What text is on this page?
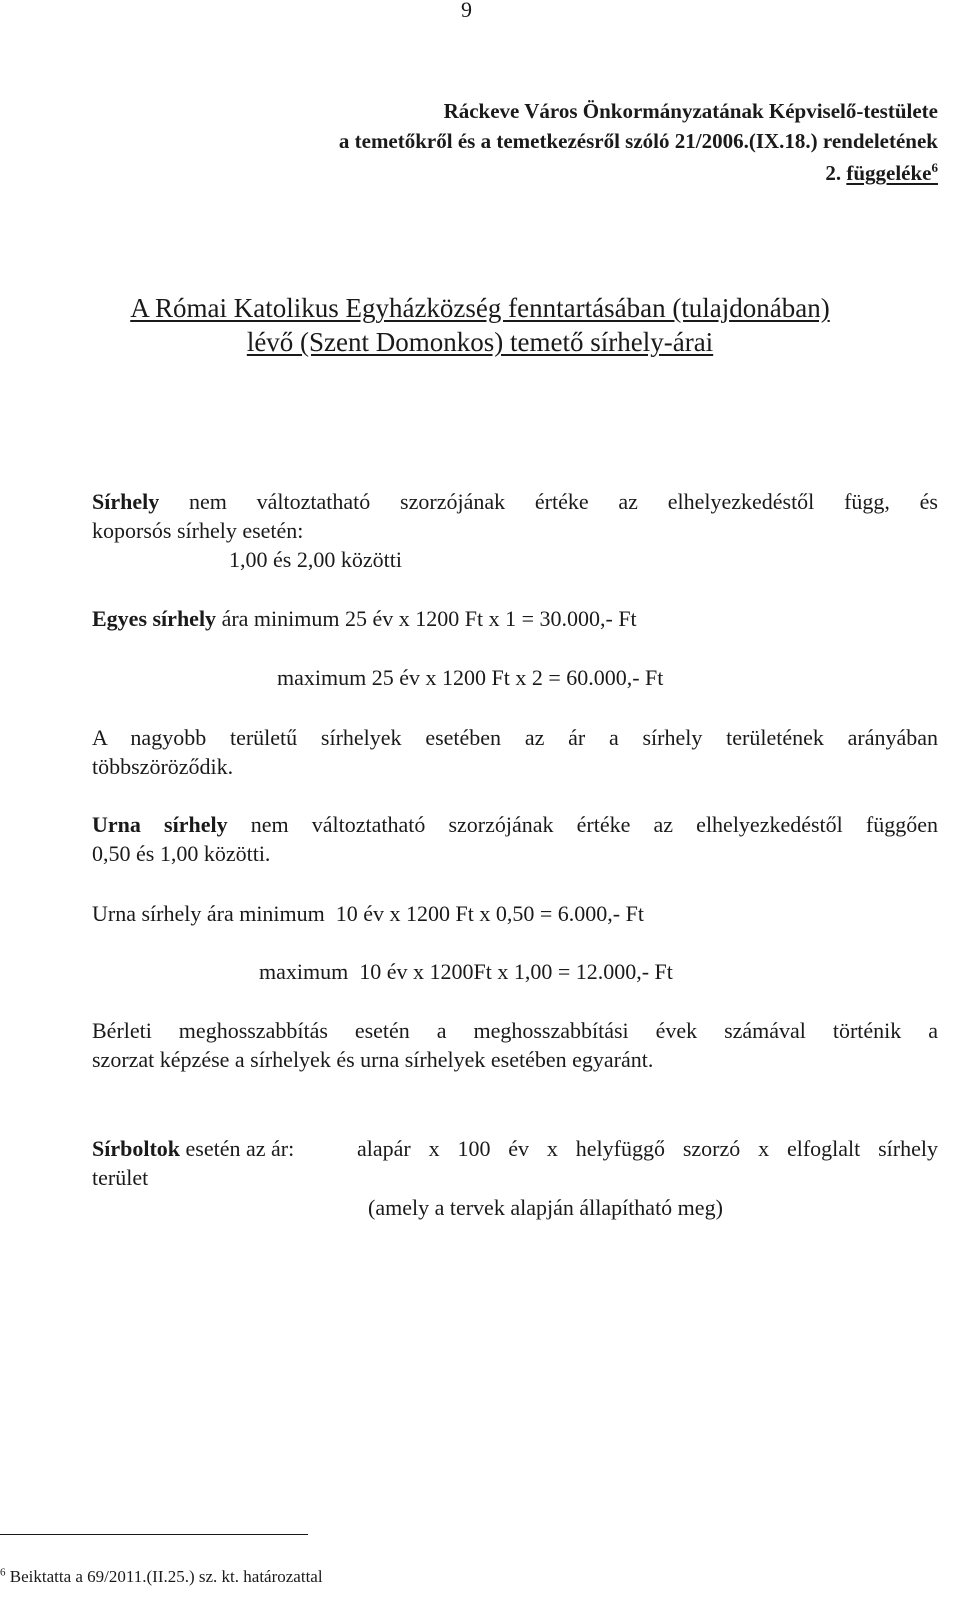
9
Ráckeve Város Önkormányzatának Képviselő-testülete
a temetőkről és a temetkezésről szóló 21/2006.(IX.18.) rendeletének
2. függeléke$^6$
A Római Katolikus Egyházközség fenntartásában (tulajdonában)
lévő (Szent Domonkos) temető sírhely-árai
Sírhely nem változtatható szorzójának értéke az elhelyezkedéstől függ, és
koporsós sírhely esetén:
1,00 és 2,00 közötti
Egyes sírhely ára minimum 25 év x 1200 Ft x 1 = 30.000,- Ft
maximum 25 év x 1200 Ft x 2 = 60.000,- Ft
A nagyobb területű sírhelyek esetében az ár a sírhely területének arányában
többszöröződik.
Urna sírhely nem változtatható szorzójának értéke az elhelyezkedéstől függően
0,50 és 1,00 közötti.
Urna sírhely ára minimum  10 év x 1200 Ft x 0,50 = 6.000,- Ft
maximum  10 év x 1200Ft x 1,00 = 12.000,- Ft
Bérleti meghosszabbítás esetén a meghosszabbítási évek számával történik a
szorzat képzése a sírhelyek és urna sírhelyek esetében egyaránt.
Sírboltok esetén az ár:	alapár x 100 év x helyfüggő szorzó x elfoglalt sírhely
terület
(amely a tervek alapján állapítható meg)
$^6$ Beiktatta a 69/2011.(II.25.) sz. kt. határozattal
